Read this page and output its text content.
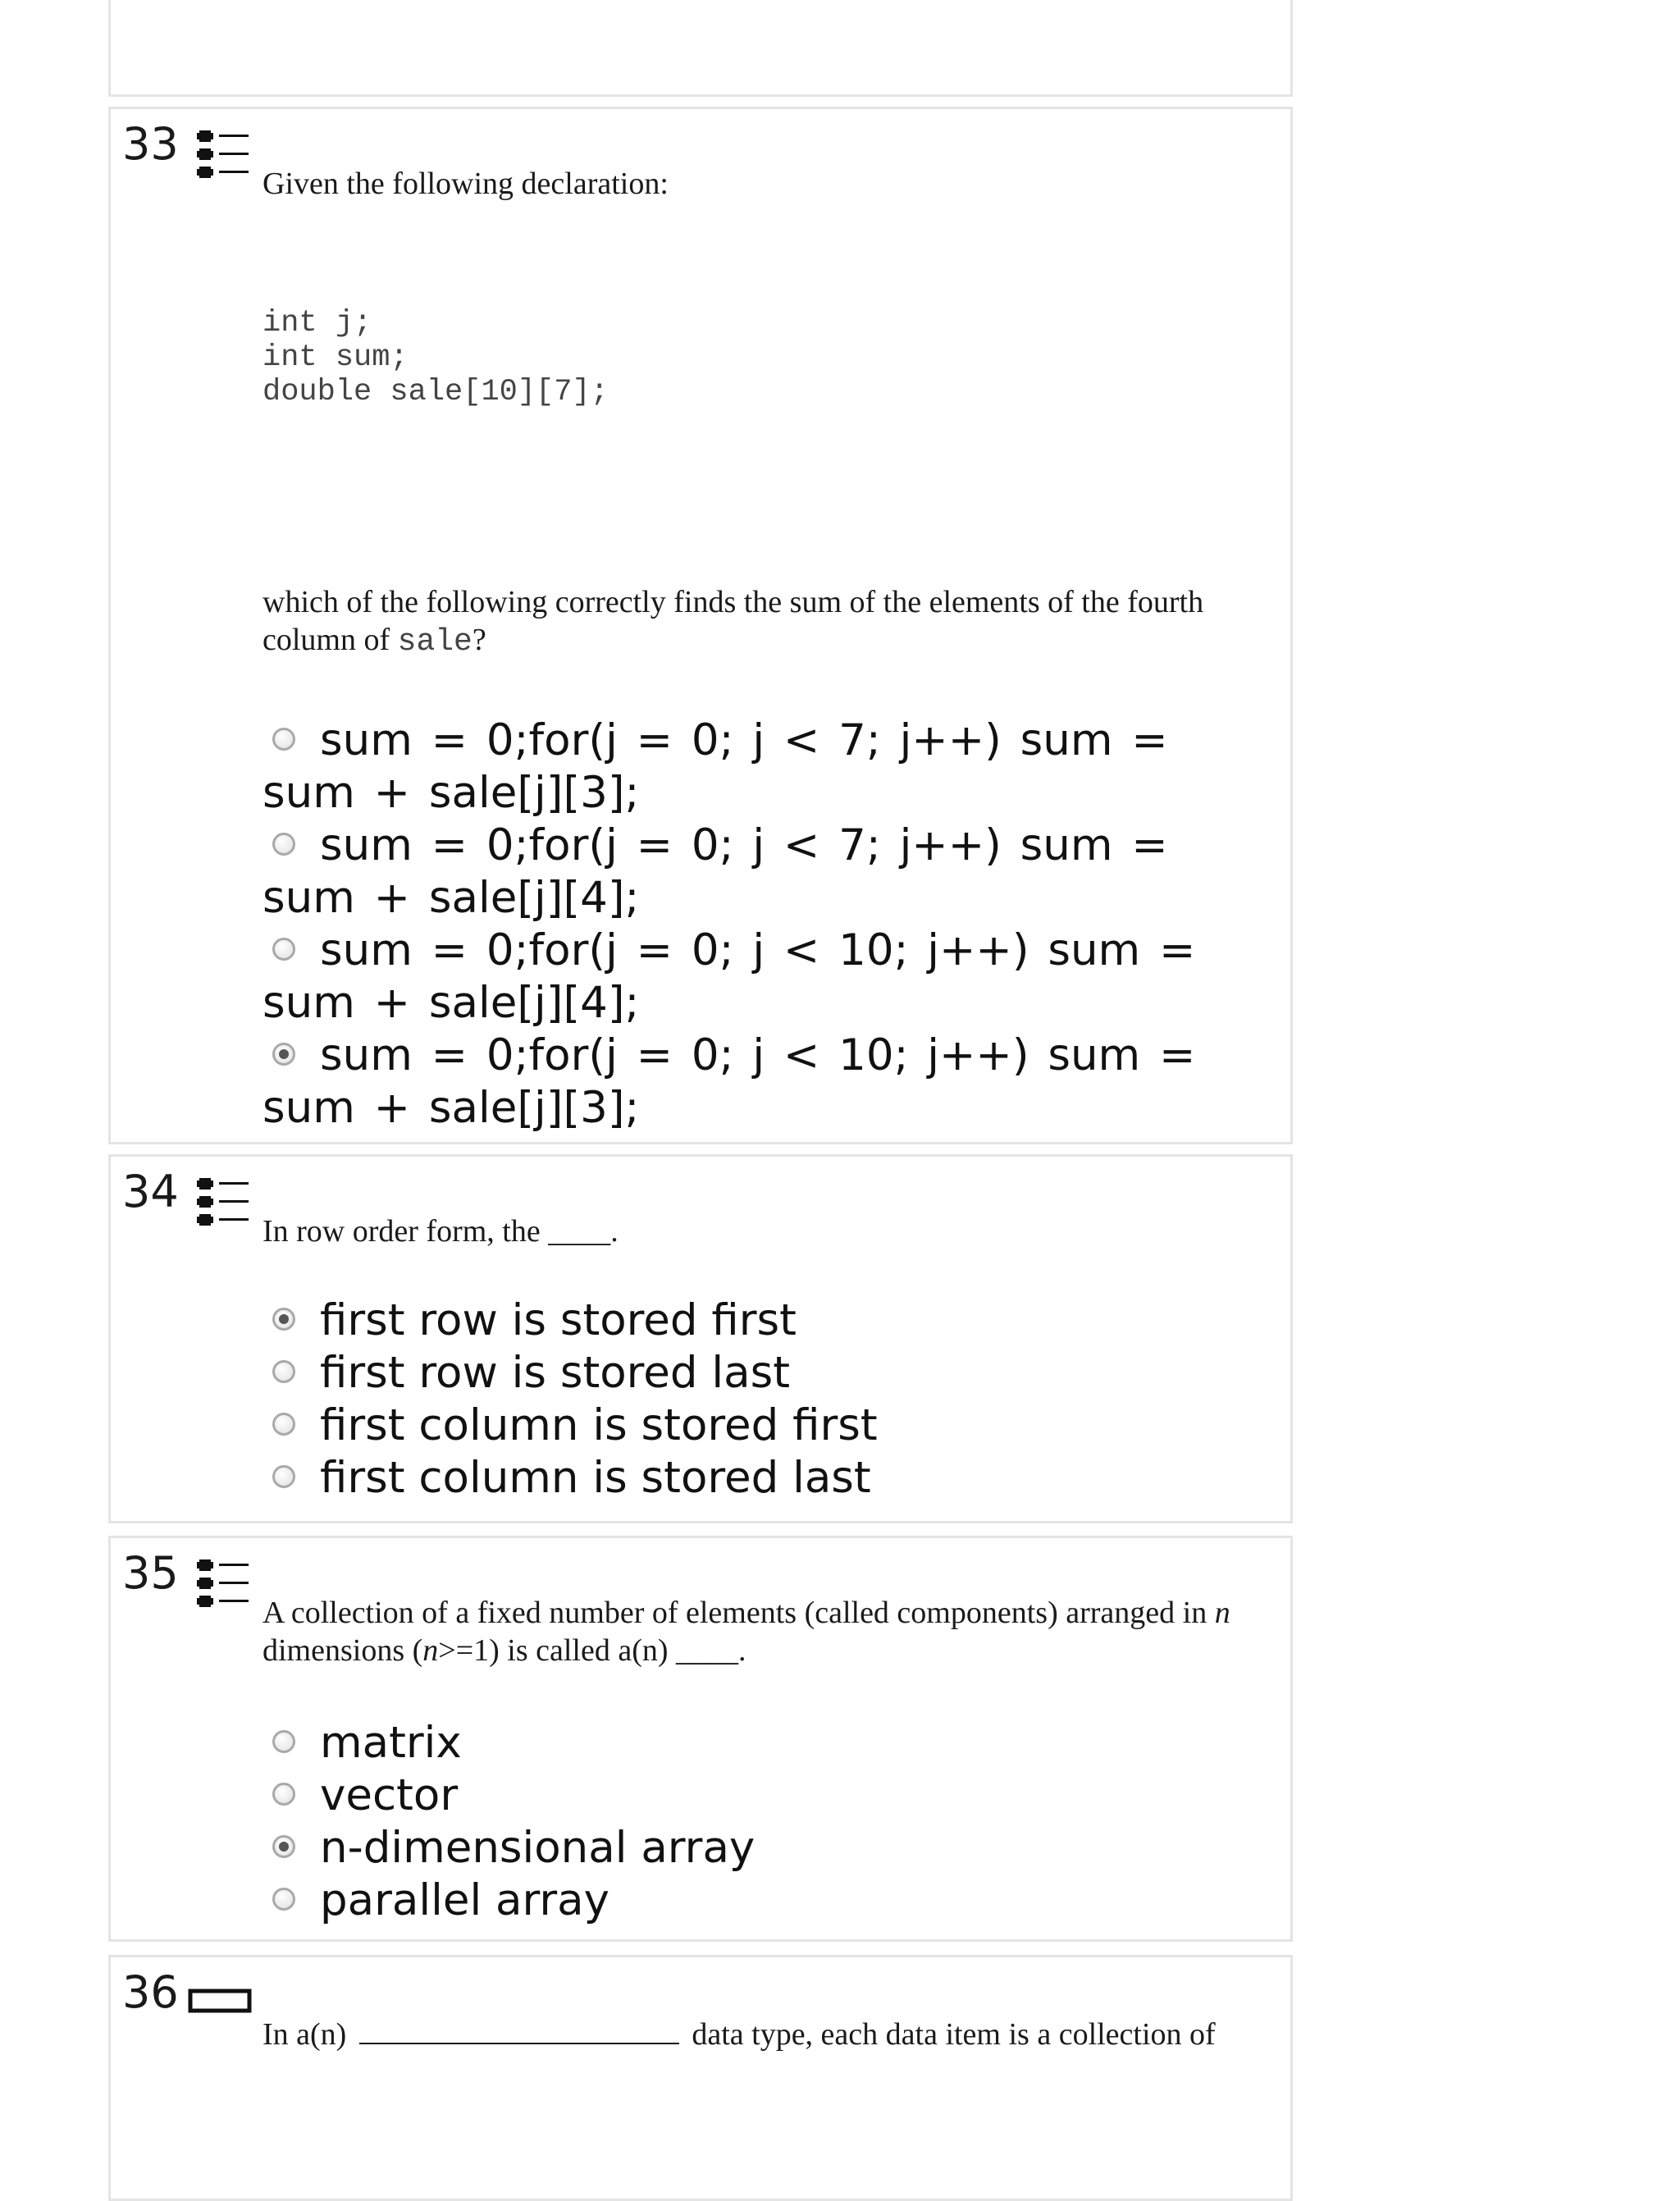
33
Given the following declaration:
int j;
int sum;
double sale[10][7];
which of the following correctly finds the sum of the elements of the fourth
column of sale?
sum = 0;for(j = 0; j < 7; j++) sum = sum + sale[j][3];
sum = 0;for(j = 0; j < 7; j++) sum = sum + sale[j][4];
sum = 0;for(j = 0; j < 10; j++) sum = sum + sale[j][4];
sum = 0;for(j = 0; j < 10; j++) sum = sum + sale[j][3];
34
In row order form, the ____.
first row is stored first
first row is stored last
first column is stored first
first column is stored last
35
A collection of a fixed number of elements (called components) arranged in n
dimensions (n>=1) is called a(n) ____.
matrix
vector
n-dimensional array
parallel array
36
In a(n)	data type, each data item is a collection of
